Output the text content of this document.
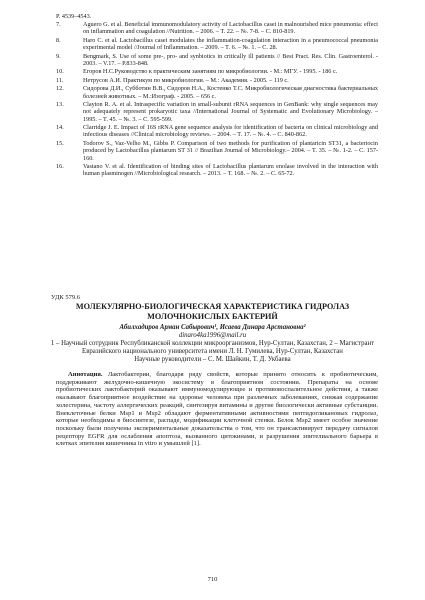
P. 4539–4543.
7.	Aguero G. et al. Beneficial immunomodulatory activity of Lactobacillus casei in malnourished mice pneumonia: effect on inflammation and coagulation //Nutrition. – 2006. – T. 22. – №. 7-8. – C. 810-819.
8.	Haro C. et al. Lactobacillus casei modulates the inflammation-coagulation interaction in a pneumococcal pneumonia experimental model //Journal of Inflammation. – 2009. – T. 6. – №. 1. – C. 28.
9.	Bengmark, S. Use of some pre-, pro- and synbiotics in critically ill patients // Best Pract. Res. Clin. Gastroenterol. - 2003. – V.17. – P.833-848.
10.	Егоров Н.С.Руководство к практическим занятиям по микробиологии. - М.: МГУ. - 1995. - 186 с.
11.	Нетрусов А.И. Практикум по микробиологии. – М.: Академия. - 2005. – 119 с.
12.	Сидорова Д.И., Субботин В.В., Сидоров Н.А., Костенко Т.С. Микробиологическая диагностика бактериальных болезней животных. – М.:Изограф. - 2005. – 656 с.
13.	Clayton R. A. et al. Intraspecific variation in small-subunit rRNA sequences in GenBank: why single sequences may not adequately represent prokaryotic taxa //International Journal of Systematic and Evolutionary Microbiology. – 1995. – T. 45. – №. 3. – C. 595-599.
14.	Clarridge J. E. Impact of 16S rRNA gene sequence analysis for identification of bacteria on clinical microbiology and infectious diseases //Clinical microbiology reviews. – 2004. – T. 17. – №. 4. – C. 840-862.
15.	Todorov S., Vaz-Velho M., Gibbs P. Comparison of two methods for purification of plantaricin ST31, a bacteriocin produced by Lactobacillus plantarum ST 31 // Brazilian Journal of Microbiology.– 2004. – T. 35. – №. 1-2. – C. 157-160.
16.	Vastano V. et al. Identification of binding sites of Lactobacillus plantarum enolase involved in the interaction with human plasminogen //Microbiological research. – 2013. – T. 168. – №. 2. – C. 65-72.
УДК 579.6
МОЛЕКУЛЯРНО-БИОЛОГИЧЕСКАЯ ХАРАКТЕРИСТИКА ГИДРОЛАЗ МОЛОЧНОКИСЛЫХ БАКТЕРИЙ
Абилхадиров Арман Сабырович¹, Исаева Динара Арстановна²
dinaro4ka1996@mail.ru
1 – Научный сотрудник Республиканской коллекции микроорганизмов, Нур-Султан, Казахстан, 2 – Магистрант Евразийского национального университета имени Л. Н. Гумилева, Нур-Султан, Казахстан
Научные руководители – С. М. Шайкин, Т. Д. Укбаева
Аннотация. Лактобактерии, благодаря ряду свойств, которые принято относить к пробиотическим, поддерживают желудочно-кишечную экосистему в благоприятном состоянии. Препараты на основе пробиотических лактобактерий оказывают иммуномодулирующее и противовоспалительное действия, а также оказывают благоприятное воздействие на здоровье человека при различных заболеваниях, снижая содержание холестерина, частоту аллергических реакций, синтезируя витамины и другие биологически активные субстанции. Внеклеточные белки Msp1 и Msp2 обладают ферментативными активностями пептидогликановых гидролаз, которые необходимы в биосинтезе, распаде, модификации клеточной стенки. Белок Msp2 имеет особое значение поскольку были получены экспериментальные доказательства о том, что он трансактивирует передачу сигналов рецептору EGFR для ослабления апоптоза, вызванного цитокинами, и разрушения эпителиального барьера в клетках эпителия кишечника in vitro и умышлей [1].
710
